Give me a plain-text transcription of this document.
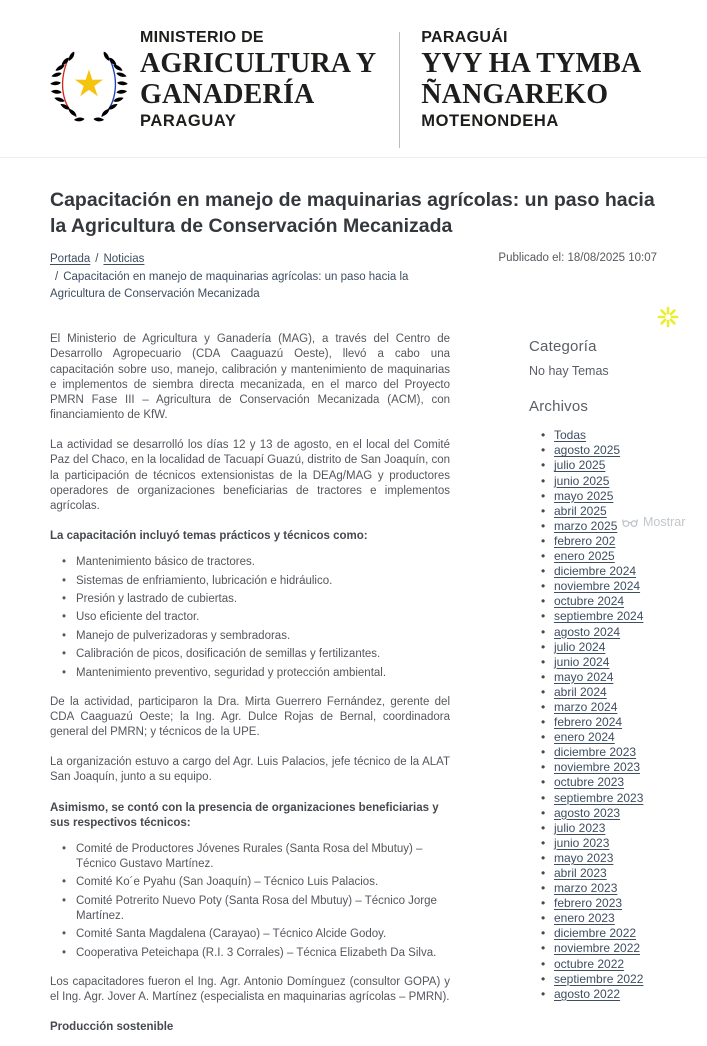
MINISTERIO DE
AGRICULTURA Y
GANADERÍA
PARAGUAY
PARAGUÁI
YVY HA TYMBA
ÑANGAREKO
MOTENONDEHA
Capacitación en manejo de maquinarias agrícolas: un paso hacia la Agricultura de Conservación Mecanizada
Portada / Noticias
/ Capacitación en manejo de maquinarias agrícolas: un paso hacia la Agricultura de Conservación Mecanizada
Publicado el: 18/08/2025 10:07

El Ministerio de Agricultura y Ganadería (MAG), a través del Centro de Desarrollo Agropecuario (CDA Caaguazú Oeste), llevó a cabo una capacitación sobre uso, manejo, calibración y mantenimiento de maquinarias e implementos de siembra directa mecanizada, en el marco del Proyecto PMRN Fase III – Agricultura de Conservación Mecanizada (ACM), con financiamiento de KfW.

La actividad se desarrolló los días 12 y 13 de agosto, en el local del Comité Paz del Chaco, en la localidad de Tacuapí Guazú, distrito de San Joaquín, con la participación de técnicos extensionistas de la DEAg/MAG y productores operadores de organizaciones beneficiarias de tractores e implementos agrícolas.

La capacitación incluyó temas prácticos y técnicos como:

• Mantenimiento básico de tractores.
• Sistemas de enfriamiento, lubricación e hidráulico.
• Presión y lastrado de cubiertas.
• Uso eficiente del tractor.
• Manejo de pulverizadoras y sembradoras.
• Calibración de picos, dosificación de semillas y fertilizantes.
• Mantenimiento preventivo, seguridad y protección ambiental.

De la actividad, participaron la Dra. Mirta Guerrero Fernández, gerente del CDA Caaguazú Oeste; la Ing. Agr. Dulce Rojas de Bernal, coordinadora general del PMRN; y técnicos de la UPE.

La organización estuvo a cargo del Agr. Luis Palacios, jefe técnico de la ALAT San Joaquín, junto a su equipo.

Asimismo, se contó con la presencia de organizaciones beneficiarias y sus respectivos técnicos:

• Comité de Productores Jóvenes Rurales (Santa Rosa del Mbutuy) – Técnico Gustavo Martínez.
• Comité Ko´e Pyahu (San Joaquín) – Técnico Luis Palacios.
• Comité Potrerito Nuevo Poty (Santa Rosa del Mbutuy) – Técnico Jorge Martínez.
• Comité Santa Magdalena (Carayao) – Técnico Alcide Godoy.
• Cooperativa Peteichapa (R.I. 3 Corrales) – Técnica Elizabeth Da Silva.

Los capacitadores fueron el Ing. Agr. Antonio Domínguez (consultor GOPA) y el Ing. Agr. Jover A. Martínez (especialista en maquinarias agrícolas – PMRN).

Producción sostenible

Categoría
No hay Temas
Archivos
• Todas
• agosto 2025
• julio 2025
• junio 2025
• mayo 2025
• abril 2025
• marzo 2025
• febrero 202
• enero 2025
• diciembre 2024
• noviembre 2024
• octubre 2024
• septiembre 2024
• agosto 2024
• julio 2024
• junio 2024
• mayo 2024
• abril 2024
• marzo 2024
• febrero 2024
• enero 2024
• diciembre 2023
• noviembre 2023
• octubre 2023
• septiembre 2023
• agosto 2023
• julio 2023
• junio 2023
• mayo 2023
• abril 2023
• marzo 2023
• febrero 2023
• enero 2023
• diciembre 2022
• noviembre 2022
• octubre 2022
• septiembre 2022
• agosto 2022
Mostrar
